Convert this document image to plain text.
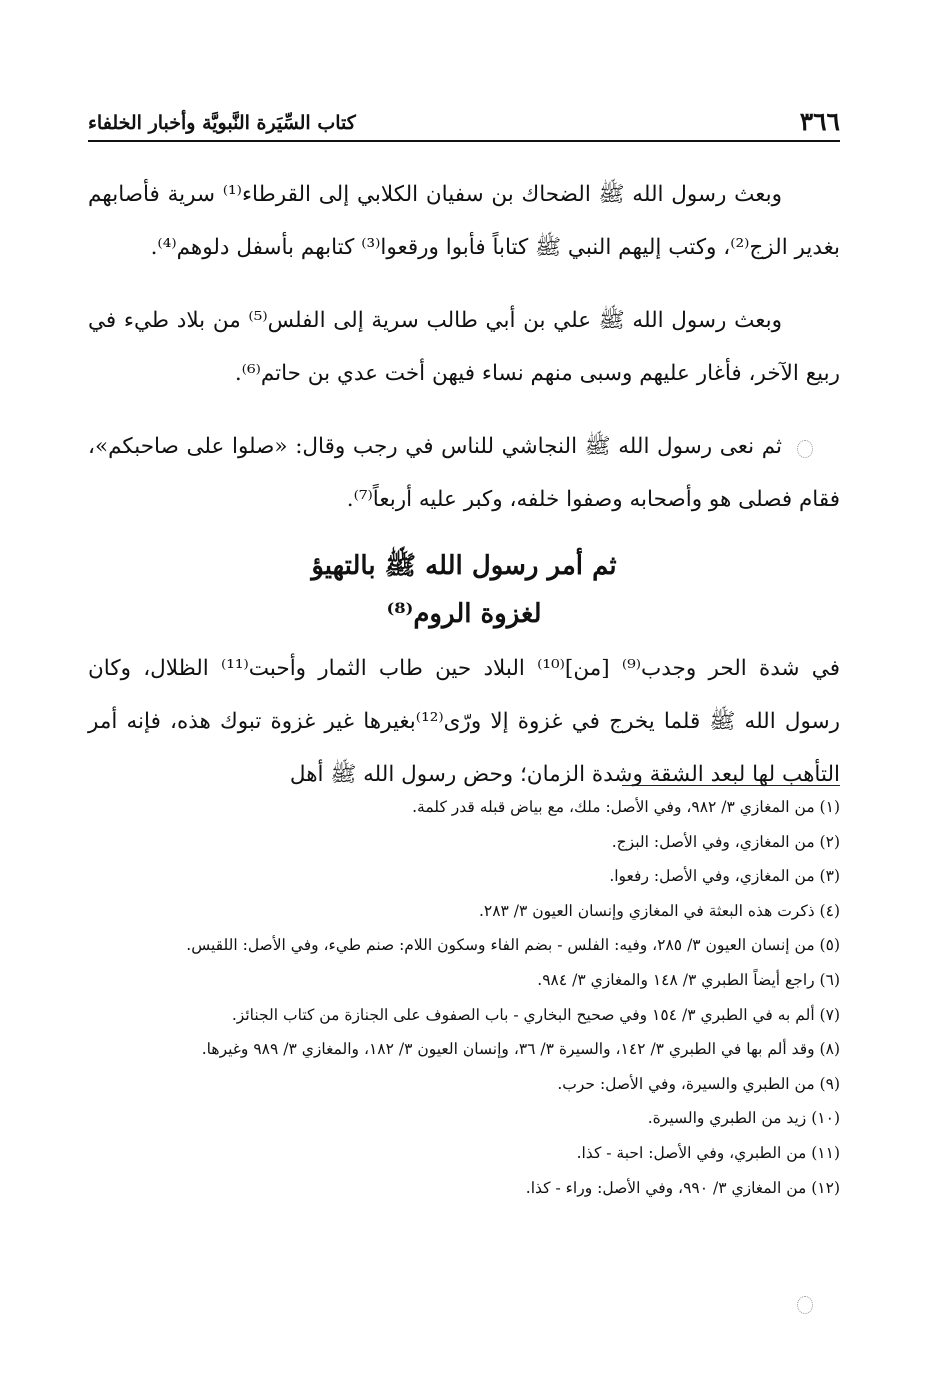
كتاب السِّيَرة النَّبويَّة وأخبار الخلفاء	٣٦٦

وبعث رسول الله ﷺ الضحاك بن سفيان الكلابي إلى القرطاء⁽¹⁾ سرية فأصابهم بغدير الزج⁽²⁾، وكتب إليهم النبي ﷺ كتاباً فأبوا ورقعوا⁽³⁾ كتابهم بأسفل دلوهم⁽⁴⁾.

وبعث رسول الله ﷺ علي بن أبي طالب سرية إلى الفلس⁽⁵⁾ من بلاد طيء في ربيع الآخر، فأغار عليهم وسبى منهم نساء فيهن أخت عدي بن حاتم⁽⁶⁾.

ثم نعى رسول الله ﷺ النجاشي للناس في رجب وقال: «صلوا على صاحبكم»، فقام فصلى هو وأصحابه وصفوا خلفه، وكبر عليه أربعاً⁽⁷⁾.

ثم أمر رسول الله ﷺ بالتهيؤ
لغزوة الروم⁽⁸⁾

في شدة الحر وجدب⁽⁹⁾ [من]⁽¹⁰⁾ البلاد حين طاب الثمار وأحبت⁽¹¹⁾ الظلال، وكان رسول الله ﷺ قلما يخرج في غزوة إلا ورّى⁽¹²⁾بغيرها غير غزوة تبوك هذه، فإنه أمر التأهب لها لبعد الشقة وشدة الزمان؛ وحض رسول الله ﷺ أهل

(١) من المغازي ٣/ ٩٨٢، وفي الأصل: ملك، مع بياض قبله قدر كلمة.

(٢) من المغازي، وفي الأصل: البزج.

(٣) من المغازي، وفي الأصل: رفعوا.

(٤) ذكرت هذه البعثة في المغازي وإنسان العيون ٣/ ٢٨٣.

(٥) من إنسان العيون ٣/ ٢٨٥، وفيه: الفلس - بضم الفاء وسكون اللام: صنم طيء، وفي الأصل: اللقيس.

(٦) راجع أيضاً الطبري ٣/ ١٤٨ والمغازي ٣/ ٩٨٤.

(٧) ألم به في الطبري ٣/ ١٥٤ وفي صحيح البخاري - باب الصفوف على الجنازة من كتاب الجنائز.

(٨) وقد ألم بها في الطبري ٣/ ١٤٢، والسيرة ٣/ ٣٦، وإنسان العيون ٣/ ١٨٢، والمغازي ٣/ ٩٨٩ وغيرها.

(٩) من الطبري والسيرة، وفي الأصل: حرب.

(١٠) زيد من الطبري والسيرة.

(١١) من الطبري، وفي الأصل: احبة - كذا.

(١٢) من المغازي ٣/ ٩٩٠، وفي الأصل: وراء - كذا.
